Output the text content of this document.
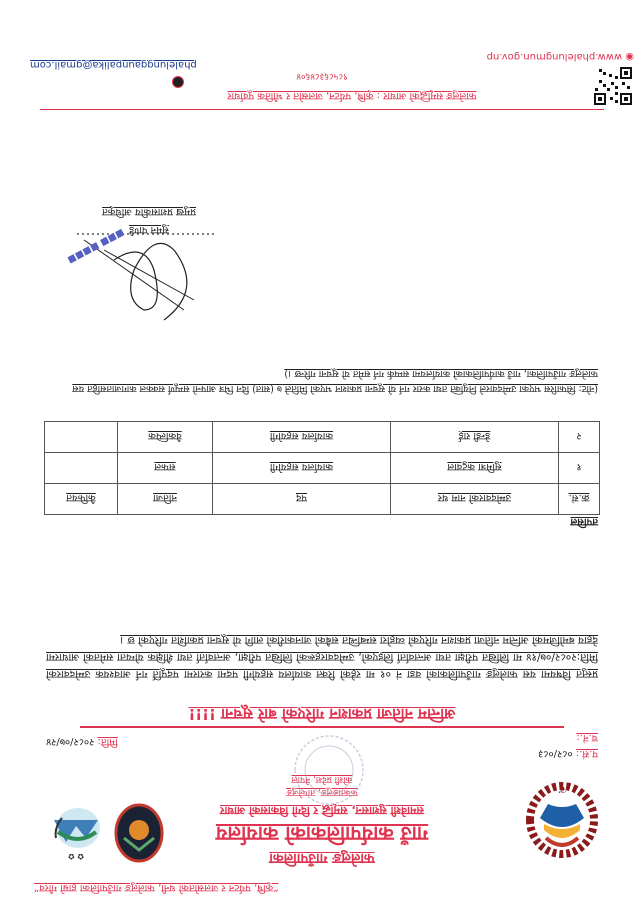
❦
✿ ✿
“कृषि, पर्यटन र जलस्रोतको धनी, फालेलुङ गाउँपालिका हाम्रो गौरव”
फालेलुङ गाउँपालिका
गाउँ कार्यपालिकाको कार्यालय
समावेशी सुशासन, समृद्धि र दिगो विकासको आधार
फक्ताङलुङ, ताप्लेजुङ
कोशी प्रदेश, नेपाल
प.सं.: ०८२/०८३
च.नं.:
मिति: २०८२/०७/२४
अन्तिम नतिजा प्रकाशन गरिएको बारे सूचना !!!!
प्रस्तुत विषयमा यस फालेलुङ गाउँपालिकाको वडा नं ०१ मा रहेको रिक्त कार्यालय सहयोगी पदमा करारमा पदपूर्ति गर्न आवश्यक उम्मेदवारको मिति:२०८२/०७/१४ मा लिखित परीक्षा तथा अन्तर्वार्ता लिइएको, उम्मेदवारहरूको लिखित परीक्षा, अन्तर्वार्ता तथा शैक्षिक योग्यता समेतको आधारमा देहाय बमोजिमको अन्तिम नतिजा प्रकाशन गरिएको व्यहोरा सम्बन्धित सबैको जानकारीको लागि यो सूचना प्रकाशित गरिएको छ ।
तपसिल
क्र.सं.	उम्मेदवारको नाम थर	पद	नतिजा	कैफियत
१	सुमित्रा कटुवाल	कार्यालय सहयोगी	सफल	
२	डेन्डी राई	कार्यालय सहयोगी	वैकल्पिक	
(नोट: सिफारिस भएका उम्मेदवारले नियुक्ति तथा करार गर्न यो सूचना प्रकाशन भएको मितिले ७ (सात) दिन भित्र आफ्नो सम्पूर्ण सक्कल कागजातसहित यस फालेलुङ गाउँपालिका, गाउँ कार्यपालिकाको कार्यालयमा सम्पर्क गर्न समेत यो सूचना गरिन्छ ।)
■■■ ■■■■ सुमन पाण्डे
प्रमुख प्रशासकीय अधिकृत
फालेलुङ समृद्धिको आधार : कृषि, पर्यटन, जलस्रोत र भौतिक पूर्वाधार
९८५८६३८४६०४
◉ www.phalelungmun.gov.np
phalelunggaunpalika@gmail.com
